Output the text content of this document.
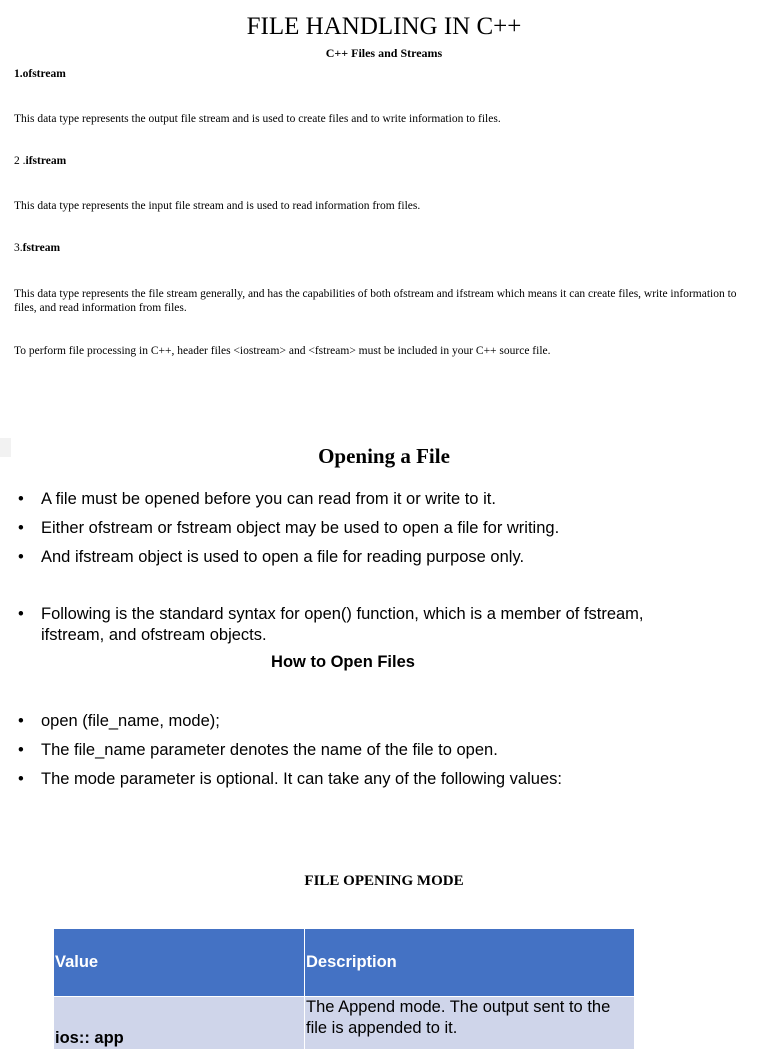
FILE HANDLING IN C++
C++ Files and Streams
1.ofstream
This data type represents the output file stream and is used to create files and to write information to files.
2 .ifstream
This data type represents the input file stream and is used to read information from files.
3.fstream
This data type represents the file stream generally, and has the capabilities of both ofstream and ifstream which means it can create files, write information to files, and read information from files.
To perform file processing in C++, header files <iostream> and <fstream> must be included in your C++ source file.
Opening a File
• A file must be opened before you can read from it or write to it.
• Either ofstream or fstream object may be used to open a file for writing.
• And ifstream object is used to open a file for reading purpose only.
• Following is the standard syntax for open() function, which is a member of fstream, ifstream, and ofstream objects.
How to Open Files
• open (file_name, mode);
• The file_name parameter denotes the name of the file to open.
• The mode parameter is optional. It can take any of the following values:
FILE OPENING MODE
Value	Description
ios:: app	The Append mode. The output sent to the file is appended to it.
